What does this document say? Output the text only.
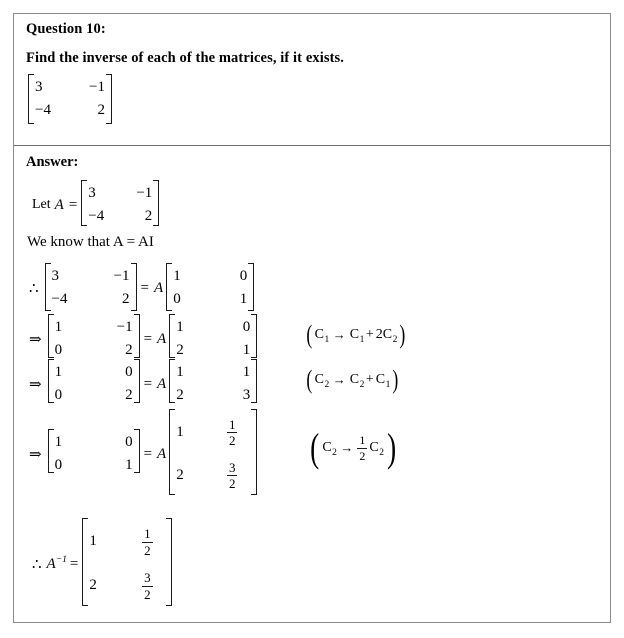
Question 10:
Find the inverse of each of the matrices, if it exists.
3	−1
−4	2
Answer:
Let A =
3	−1
−4	2
We know that A = AI
∴
3	−1
−4	2
= A
1	0
0	1
⇒
1	−1
0	2
= A
1	0
2	1
( $C_1 \to C_1 + 2$ $C_2$ )
⇒
1	0
0	2
= A
1	1
2	3
( $C_2 \to C_2 + C_1$ )
⇒
1	0
0	1
= A
1	$\frac{1}{2}$
2	$\frac{3}{2}$
( $C_2 \to \frac{1}{2} C_2$ )
∴ $A^{-1}$ =
1	$\frac{1}{2}$
2	$\frac{3}{2}$
